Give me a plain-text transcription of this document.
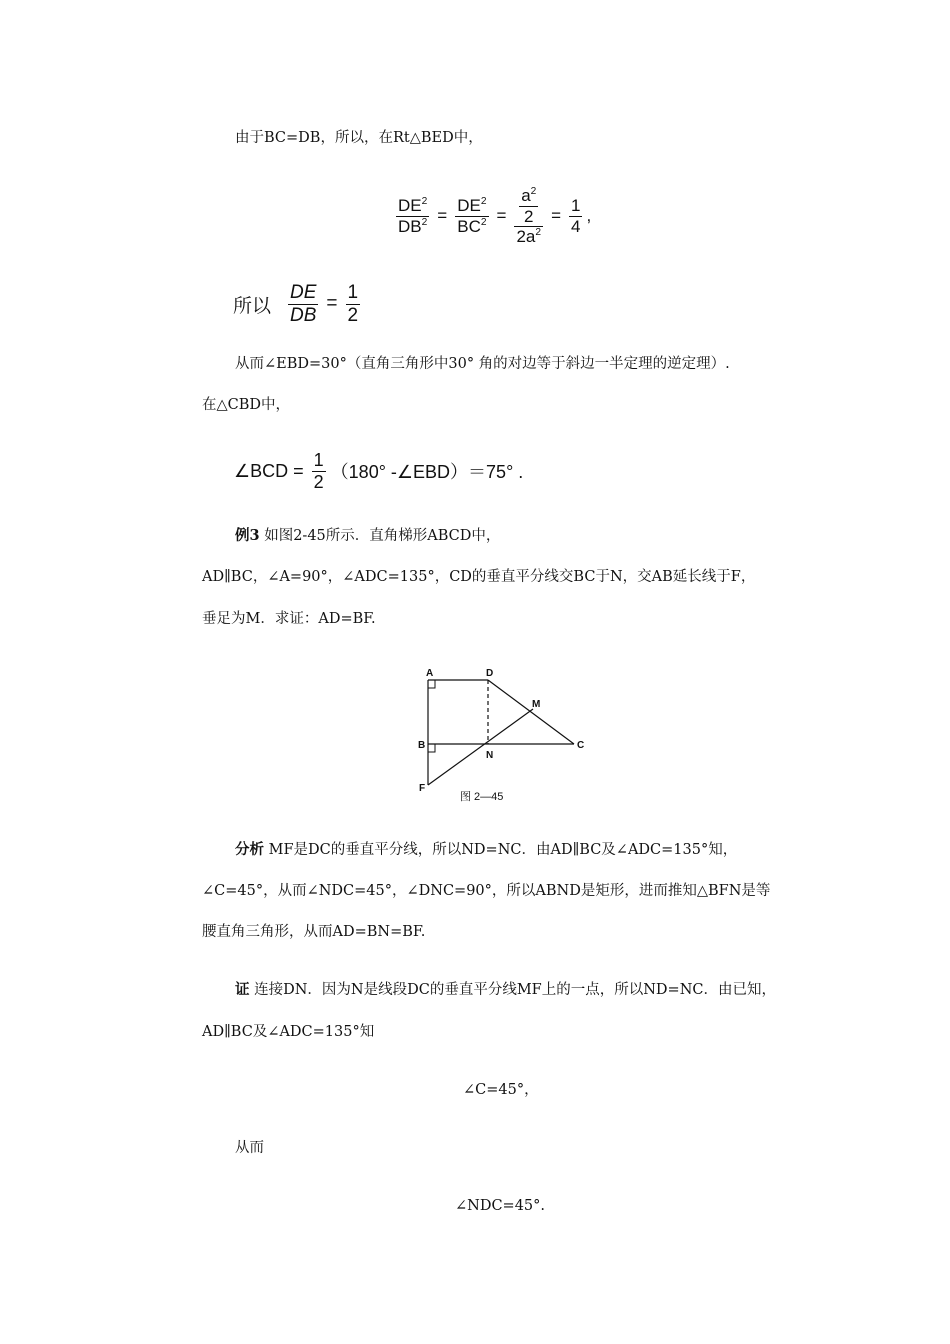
由于BC=DB，所以，在Rt△BED中，
$\frac{DE^2}{DB^2} = \frac{DE^2}{BC^2} = \frac{\frac{a^2}{2}}{2a^2} = \frac{1}{4}$ ,
所以 $\frac{DE}{DB} = \frac{1}{2}$
从而∠EBD=30°（直角三角形中30° 角的对边等于斜边一半定理的逆定理）.
在△CBD中，
∠BCD = $\frac{1}{2} (180^\circ$ -∠EBD）＝75° .
例3 如图2-45所示．直角梯形ABCD中，
AD∥BC，∠A=90°，∠ADC=135°，CD的垂直平分线交BC于N，交AB延长线于F，
垂足为M．求证：AD=BF.
A	D
M
B
N
C
F
图 2—45
分析 MF是DC的垂直平分线，所以ND=NC．由AD∥BC及∠ADC=135°知，
∠C=45°，从而∠NDC=45°，∠DNC=90°，所以ABND是矩形，进而推知△BFN是等
腰直角三角形，从而AD=BN=BF.
证 连接DN．因为N是线段DC的垂直平分线MF上的一点，所以ND=NC．由已知，
AD∥BC及∠ADC=135°知
∠C=45°，
从而
∠NDC=45°.
